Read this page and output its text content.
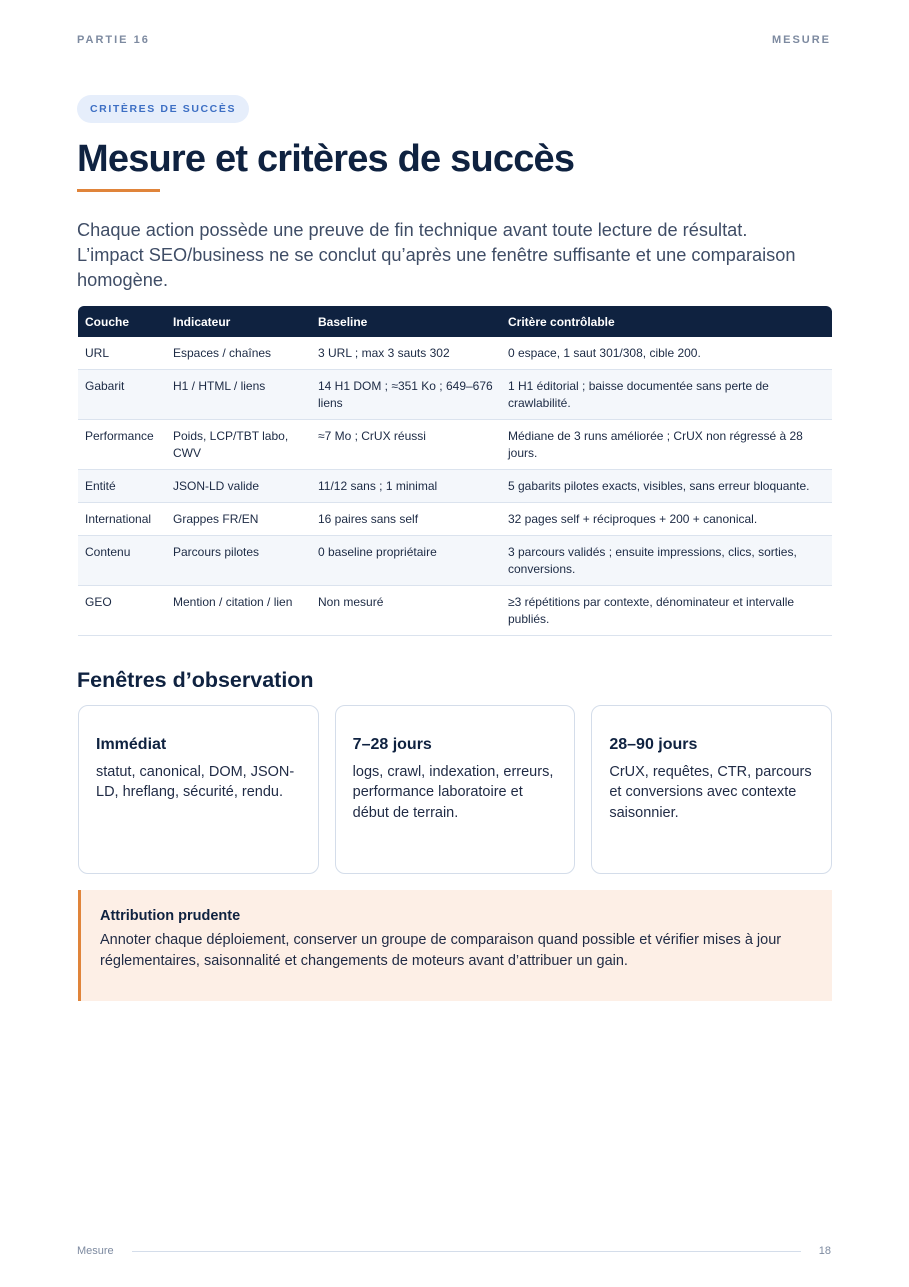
PARTIE 16	MESURE
CRITÈRES DE SUCCÈS
Mesure et critères de succès

Chaque action possède une preuve de fin technique avant toute lecture de résultat. L’impact SEO/business ne se conclut qu’après une fenêtre suffisante et une comparaison homogène.

Couche	Indicateur	Baseline	Critère contrôlable
URL	Espaces / chaînes	3 URL ; max 3 sauts 302	0 espace, 1 saut 301/308, cible 200.
Gabarit	H1 / HTML / liens	14 H1 DOM ; ≈351 Ko ; 649–676 liens	1 H1 éditorial ; baisse documentée sans perte de crawlabilité.
Performance	Poids, LCP/TBT labo, CWV	≈7 Mo ; CrUX réussi	Médiane de 3 runs améliorée ; CrUX non régressé à 28 jours.
Entité	JSON-LD valide	11/12 sans ; 1 minimal	5 gabarits pilotes exacts, visibles, sans erreur bloquante.
International	Grappes FR/EN	16 paires sans self	32 pages self + réciproques + 200 + canonical.
Contenu	Parcours pilotes	0 baseline propriétaire	3 parcours validés ; ensuite impressions, clics, sorties, conversions.
GEO	Mention / citation / lien	Non mesuré	≥3 répétitions par contexte, dénominateur et intervalle publiés.
Fenêtres d’observation
Immédiat
statut, canonical, DOM, JSON-LD, hreflang, sécurité, rendu.
7–28 jours
logs, crawl, indexation, erreurs, performance laboratoire et début de terrain.
28–90 jours
CrUX, requêtes, CTR, parcours et conversions avec contexte saisonnier.
Attribution prudente
Annoter chaque déploiement, conserver un groupe de comparaison quand possible et vérifier mises à jour réglementaires, saisonnalité et changements de moteurs avant d’attribuer un gain.
Mesure	18
